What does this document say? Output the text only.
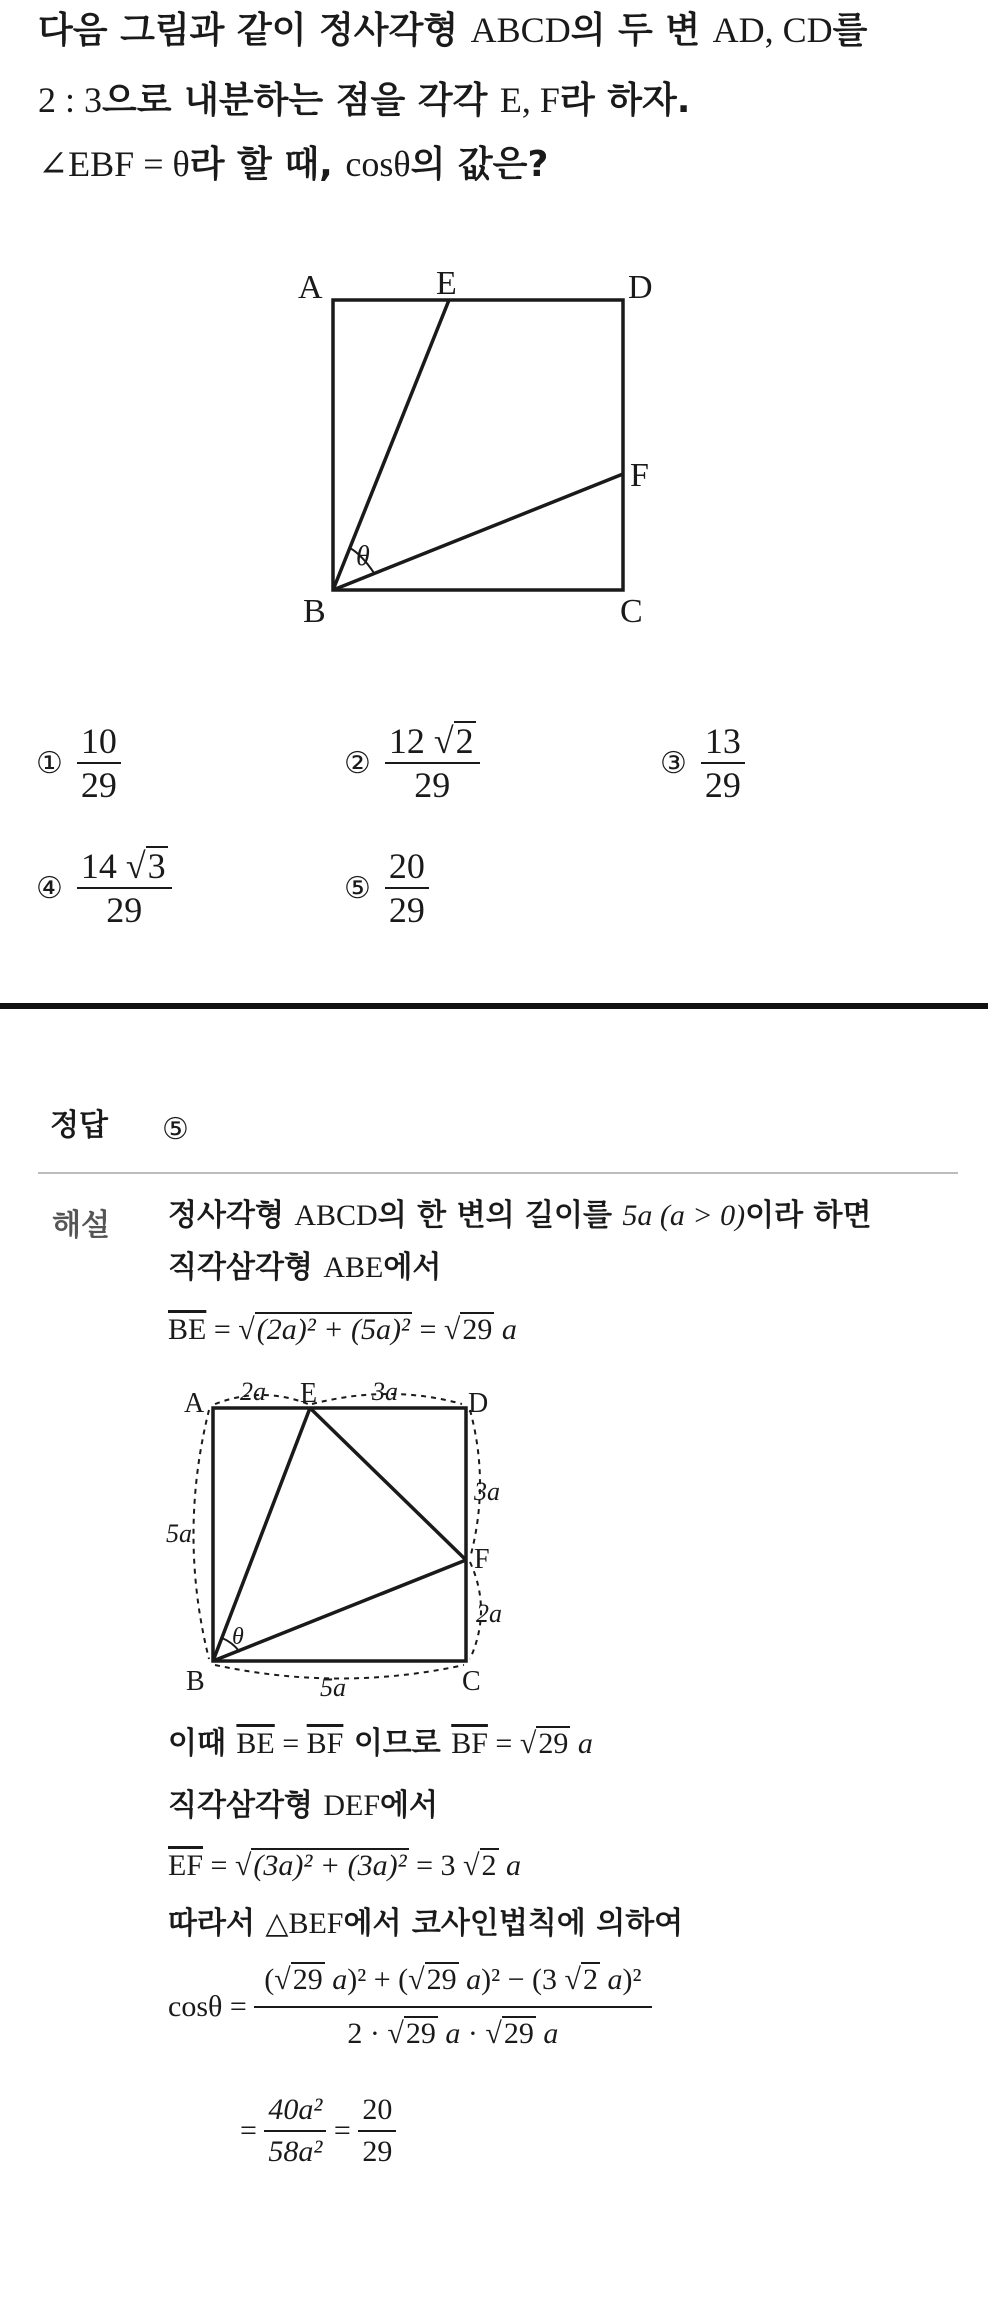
다음 그림과 같이 정사각형 ABCD의 두 변 AD, CD를
2 : 3으로 내분하는 점을 각각 E, F라 하자.
∠EBF = θ라 할 때, cosθ의 값은?
A	E	D
F
B	C
θ
① $\frac{10}{29}$	② $\frac{12 √2}{29}$	③ $\frac{13}{29}$
④ $\frac{14 √3}{29}$	⑤ $\frac{20}{29}$
정답 ⑤
해설 정사각형 ABCD의 한 변의 길이를 5a (a > 0)이라 하면
직각삼각형 ABE에서
$\overline{BE} = √(2a)^2 + (5a)^2 = √29$ a
A	E	D
F
B	C
θ
2a	3a
3a
2a
5a
5a
이때 $\overline{BE} = \overline{BF}$ 이므로 $\overline{BF} = √29$ a
직각삼각형 DEF에서
$\overline{EF} = √(3a)^2 + (3a)^2 = 3$ √2 a
따라서 △BEF에서 코사인법칙에 의하여
$\cos\theta = \frac{\text{(√29 a)² + (√29 a)² − (3 √2 a)²}}{2 \cdot √29 a \cdot √29 a}$
= $\frac{\text{40a²}}{\text{58a²}} = \frac{20}{29}$
